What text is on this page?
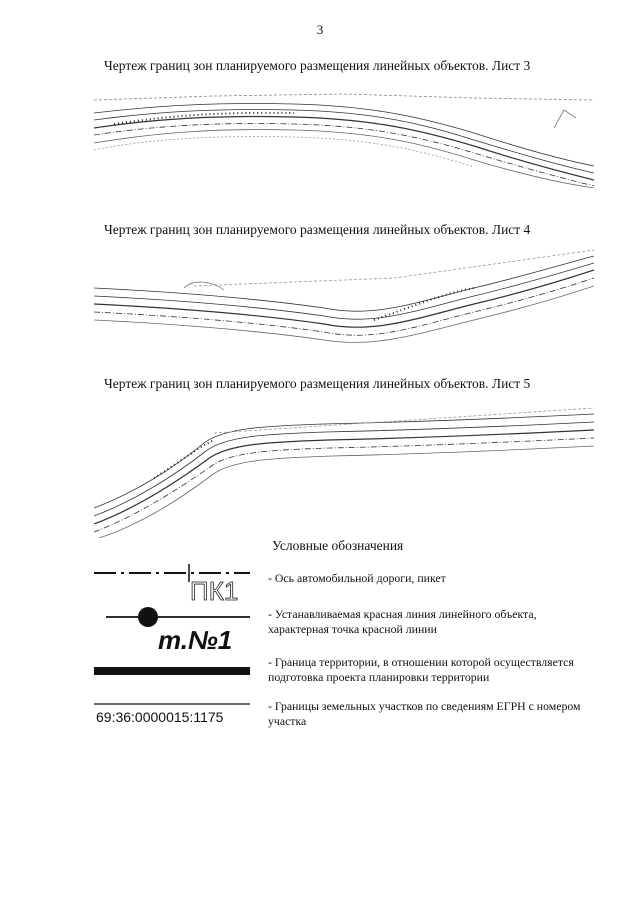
3
Чертеж границ зон планируемого размещения линейных объектов. Лист 3
Чертеж границ зон планируемого размещения линейных объектов. Лист 4
Чертеж границ зон планируемого размещения линейных объектов. Лист 5
Условные обозначения
ПК1	- Ось автомобильной дороги, пикет
т.№1
- Устанавливаемая красная линия линейного объекта, характерная точка красной линии
- Граница территории, в отношении которой осуществляется подготовка проекта планировки территории
69:36:0000015:1175
- Границы земельных участков по сведениям ЕГРН с номером участка
